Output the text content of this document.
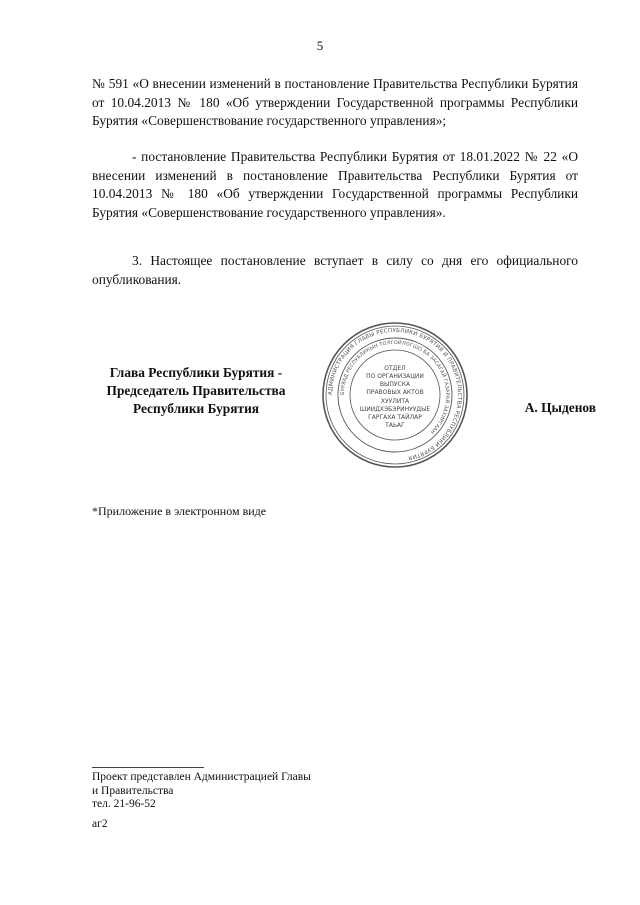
5

№ 591 «О внесении изменений в постановление Правительства Республики Бурятия от 10.04.2013 № 180 «Об утверждении Государственной программы Республики Бурятия «Совершенствование государственного управления»;

- постановление Правительства Республики Бурятия от 18.01.2022 № 22 «О внесении изменений в постановление Правительства Республики Бурятия от 10.04.2013 № 180 «Об утверждении Государственной программы Республики Бурятия «Совершенствование государственного управления».

3. Настоящее постановление вступает в силу со дня его официального опубликования.

Глава Республики Бурятия -
Председатель Правительства
Республики Бурятия
АДМИНИСТРАЦИЯ ГЛАВЫ РЕСПУБЛИКИ БУРЯТИЯ И ПРАВИТЕЛЬСТВА РЕСПУБЛИКИ БУРЯТИЯ
БУРЯАД РЕСПУБЛИКЫН ТОЛГОЙЛОГШО БА ЗАСАГАЙ ГАЗАРАЙ ЗАХИРГААН
ОТДЕЛ
ПО ОРГАНИЗАЦИИ
ВЫПУСКА
ПРАВОВЫХ АКТОВ
ХУУЛИТА
ШИИДХЭБЭРИНУУДЫЕ
ГАРГАХА ТАЙЛАР
ТАЬАГ
А. Цыденов
*Приложение в электронном виде
Проект представлен Администрацией Главы
и Правительства
тел. 21-96-52
аг2
